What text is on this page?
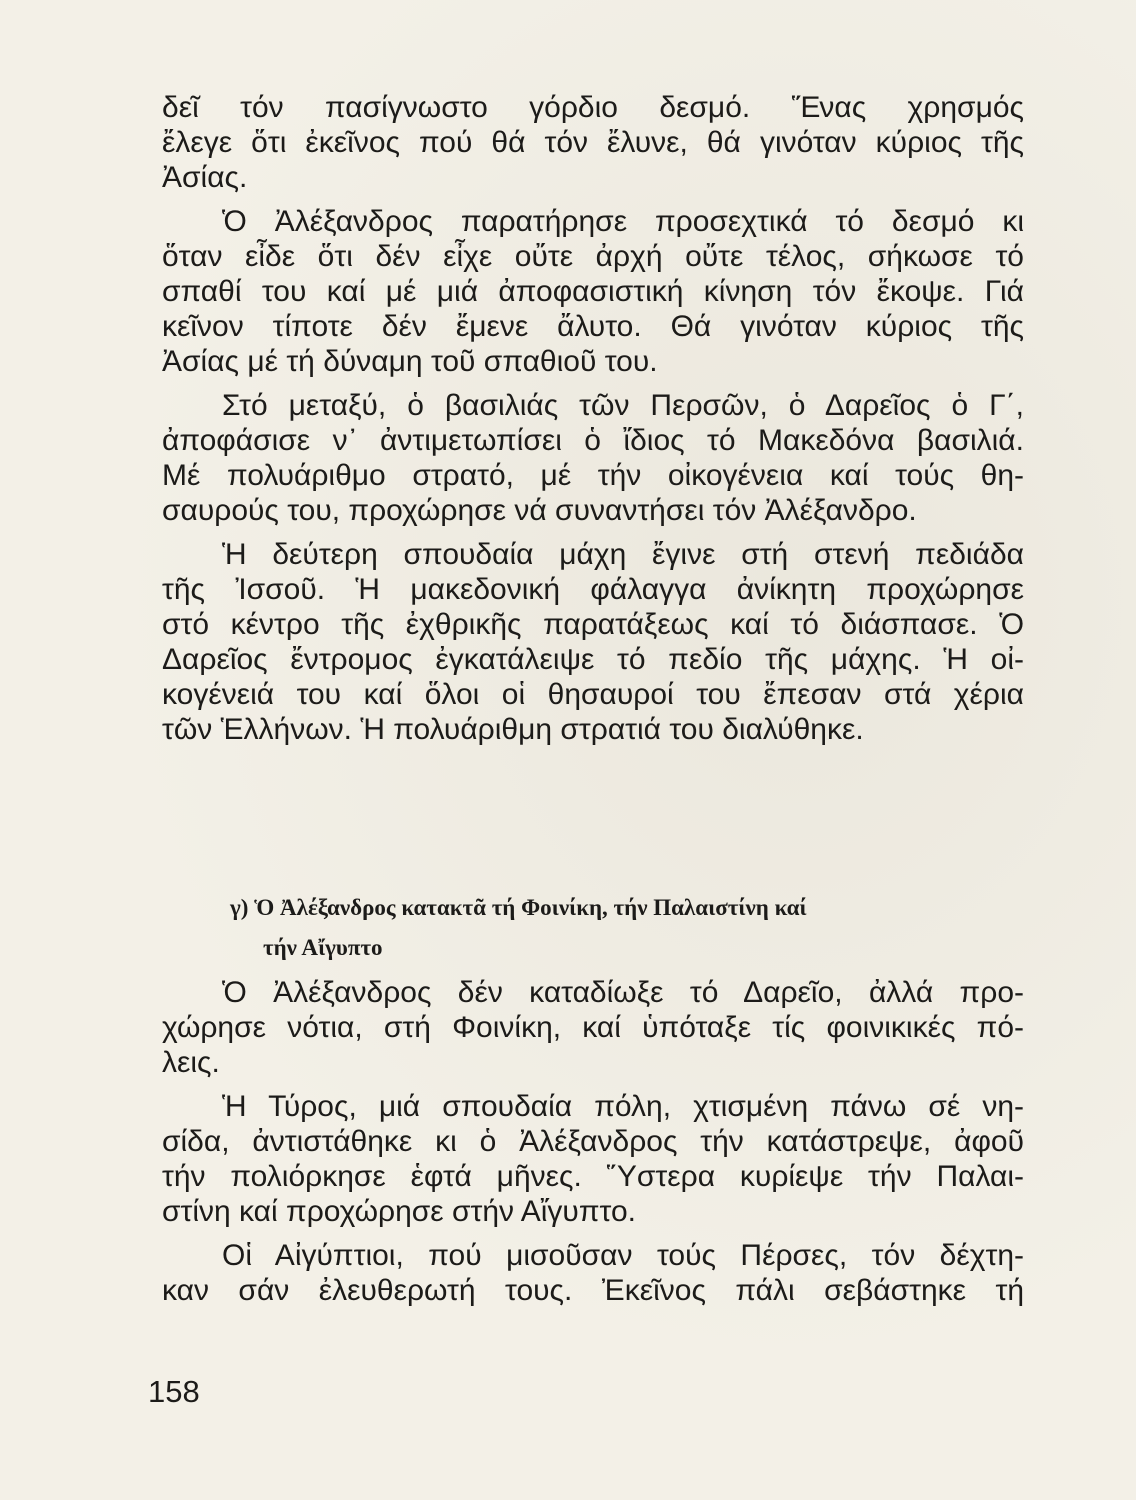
δεῖ τόν πασίγνωστο γόρδιο δεσμό. Ἕνας χρησμός
ἔλεγε ὅτι ἐκεῖνος πού θά τόν ἔλυνε, θά γινόταν κύριος τῆς
Ἀσίας.
Ὁ Ἀλέξανδρος παρατήρησε προσεχτικά τό δεσμό κι
ὅταν εἶδε ὅτι δέν εἶχε οὔτε ἀρχή οὔτε τέλος, σήκωσε τό
σπαθί του καί μέ μιά ἀποφασιστική κίνηση τόν ἔκοψε. Γιά
κεῖνον τίποτε δέν ἔμενε ἄλυτο. Θά γινόταν κύριος τῆς
Ἀσίας μέ τή δύναμη τοῦ σπαθιοῦ του.
Στό μεταξύ, ὁ βασιλιάς τῶν Περσῶν, ὁ Δαρεῖος ὁ Γ΄,
ἀποφάσισε ν᾿ ἀντιμετωπίσει ὁ ἴδιος τό Μακεδόνα βασιλιά.
Μέ πολυάριθμο στρατό, μέ τήν οἰκογένεια καί τούς θη-
σαυρούς του, προχώρησε νά συναντήσει τόν Ἀλέξανδρο.
Ἡ δεύτερη σπουδαία μάχη ἔγινε στή στενή πεδιάδα
τῆς Ἰσσοῦ. Ἡ μακεδονική φάλαγγα ἀνίκητη προχώρησε
στό κέντρο τῆς ἐχθρικῆς παρατάξεως καί τό διάσπασε. Ὁ
Δαρεῖος ἔντρομος ἐγκατάλειψε τό πεδίο τῆς μάχης. Ἡ οἰ-
κογένειά του καί ὅλοι οἱ θησαυροί του ἔπεσαν στά χέρια
τῶν Ἑλλήνων. Ἡ πολυάριθμη στρατιά του διαλύθηκε.
γ) Ὁ Ἀλέξανδρος κατακτᾶ τή Φοινίκη, τήν Παλαιστίνη καί
τήν Αἴγυπτο
Ὁ Ἀλέξανδρος δέν καταδίωξε τό Δαρεῖο, ἀλλά προ-
χώρησε νότια, στή Φοινίκη, καί ὑπόταξε τίς φοινικικές πό-
λεις.
Ἡ Τύρος, μιά σπουδαία πόλη, χτισμένη πάνω σέ νη-
σίδα, ἀντιστάθηκε κι ὁ Ἀλέξανδρος τήν κατάστρεψε, ἀφοῦ
τήν πολιόρκησε ἑφτά μῆνες. Ὕστερα κυρίεψε τήν Παλαι-
στίνη καί προχώρησε στήν Αἴγυπτο.
Οἱ Αἰγύπτιοι, πού μισοῦσαν τούς Πέρσες, τόν δέχτη-
καν σάν ἐλευθερωτή τους. Ἐκεῖνος πάλι σεβάστηκε τή
158
